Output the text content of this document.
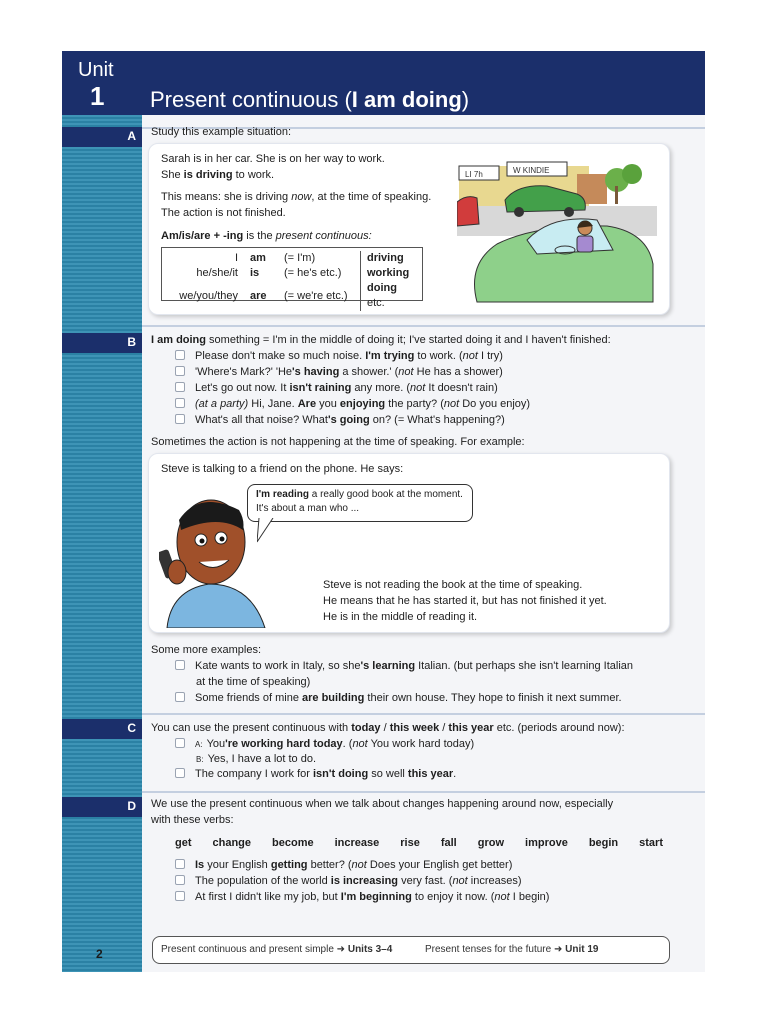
Unit
1 Present continuous (I am doing)
A Study this example situation:
Sarah is in her car. She is on her way to work.
She is driving to work.
This means: she is driving now, at the time of speaking.
The action is not finished.
Am/is/are + -ing is the present continuous:
I	am	(= I'm)	driving
he/she/it	is	(= he's etc.)	working
we/you/they	are	(= we're etc.)	doing etc.
LI 7h	W KINDIE
B I am doing something = I'm in the middle of doing it; I've started doing it and I haven't finished:
Please don't make so much noise. I'm trying to work. (not I try)
'Where's Mark?' 'He's having a shower.' (not He has a shower)
Let's go out now. It isn't raining any more. (not It doesn't rain)
(at a party) Hi, Jane. Are you enjoying the party? (not Do you enjoy)
What's all that noise? What's going on? (= What's happening?)
Sometimes the action is not happening at the time of speaking. For example:
Steve is talking to a friend on the phone. He says:
I'm reading a really good book at the moment.
It's about a man who ...
Steve is not reading the book at the time of speaking.
He means that he has started it, but has not finished it yet.
He is in the middle of reading it.
Some more examples:
Kate wants to work in Italy, so she's learning Italian. (but perhaps she isn't learning Italian
at the time of speaking)
Some friends of mine are building their own house. They hope to finish it next summer.
C You can use the present continuous with today / this week / this year etc. (periods around now):
A: You're working hard today. (not You work hard today)
B: Yes, I have a lot to do.
The company I work for isn't doing so well this year.
D We use the present continuous when we talk about changes happening around now, especially
with these verbs:
get change become increase rise fall grow improve begin start
Is your English getting better? (not Does your English get better)
The population of the world is increasing very fast. (not increases)
At first I didn't like my job, but I'm beginning to enjoy it now. (not I begin)
2	Present continuous and present simple ➜ Units 3–4	Present tenses for the future ➜ Unit 19
